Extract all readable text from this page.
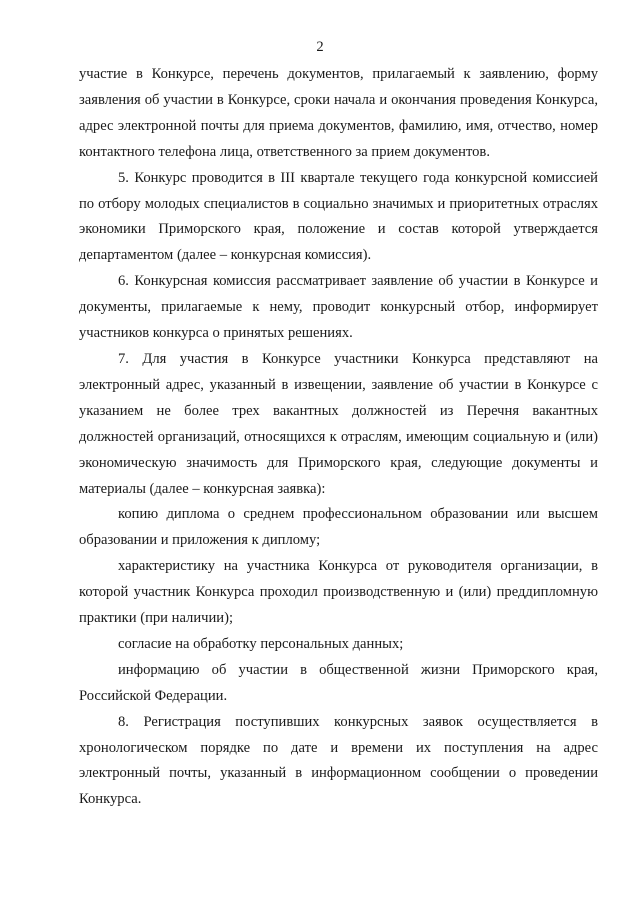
2

участие в Конкурсе, перечень документов, прилагаемый к заявлению, форму заявления об участии в Конкурсе, сроки начала и окончания проведения Конкурса, адрес электронной почты для приема документов, фамилию, имя, отчество, номер контактного телефона лица, ответственного за прием документов.

5. Конкурс проводится в III квартале текущего года конкурсной комиссией по отбору молодых специалистов в социально значимых и приоритетных отраслях экономики Приморского края, положение и состав которой утверждается департаментом (далее – конкурсная комиссия).

6. Конкурсная комиссия рассматривает заявление об участии в Конкурсе и документы, прилагаемые к нему, проводит конкурсный отбор, информирует участников конкурса о принятых решениях.

7. Для участия в Конкурсе участники Конкурса представляют на электронный адрес, указанный в извещении, заявление об участии в Конкурсе с указанием не более трех вакантных должностей из Перечня вакантных должностей организаций, относящихся к отраслям, имеющим социальную и (или) экономическую значимость для Приморского края, следующие документы и материалы (далее – конкурсная заявка):

копию диплома о среднем профессиональном образовании или высшем образовании и приложения к диплому;

характеристику на участника Конкурса от руководителя организации, в которой участник Конкурса проходил производственную и (или) преддипломную практики (при наличии);

согласие на обработку персональных данных;

информацию об участии в общественной жизни Приморского края, Российской Федерации.

8. Регистрация поступивших конкурсных заявок осуществляется в хронологическом порядке по дате и времени их поступления на адрес электронный почты, указанный в информационном сообщении о проведении Конкурса.
